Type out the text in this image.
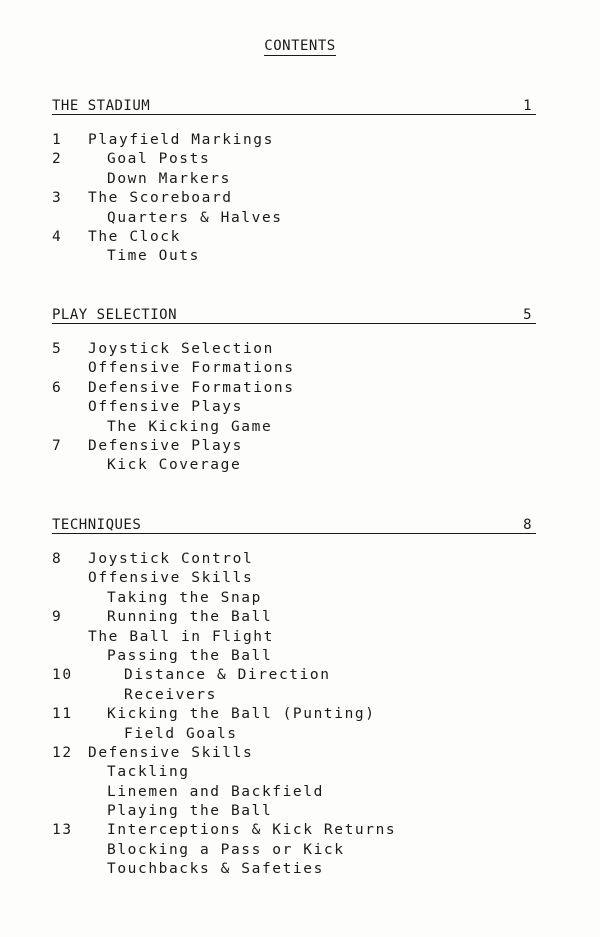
CONTENTS
THE STADIUM	1
1	Playfield Markings
2	Goal Posts
Down Markers
3	The Scoreboard
Quarters & Halves
4	The Clock
Time Outs
PLAY SELECTION	5
5	Joystick Selection
Offensive Formations
6	Defensive Formations
Offensive Plays
The Kicking Game
7	Defensive Plays
Kick Coverage
TECHNIQUES	8
8	Joystick Control
Offensive Skills
Taking the Snap
9	Running the Ball
The Ball in Flight
Passing the Ball
10	Distance & Direction
Receivers
11	Kicking the Ball (Punting)
Field Goals
12	Defensive Skills
Tackling
Linemen and Backfield
Playing the Ball
13	Interceptions & Kick Returns
Blocking a Pass or Kick
Touchbacks & Safeties
